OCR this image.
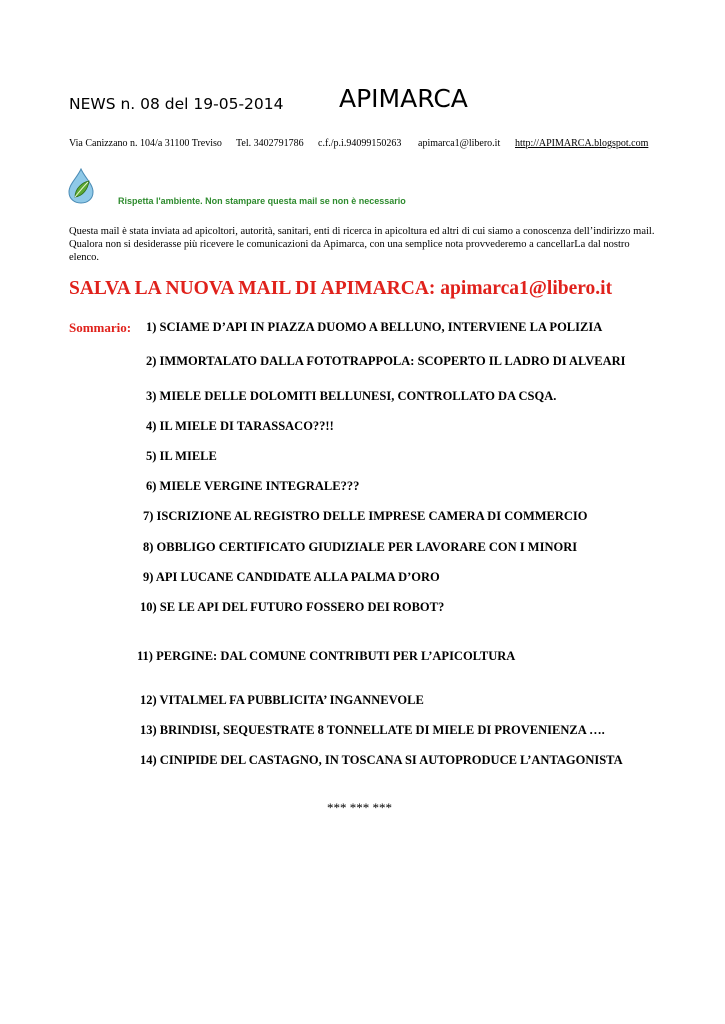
NEWS n. 08 del 19-05-2014 APIMARCA
Via Canizzano n. 104/a 31100 Treviso Tel. 3402791786 c.f./p.i.94099150263 apimarca1@libero.it http://APIMARCA.blogspot.com
Rispetta l'ambiente. Non stampare questa mail se non è necessario
Questa mail è stata inviata ad apicoltori, autorità, sanitari, enti di ricerca in apicoltura ed altri di cui siamo a conoscenza dell’indirizzo mail. Qualora non si desiderasse più ricevere le comunicazioni da Apimarca, con una semplice nota provvederemo a cancellarLa dal nostro elenco.
SALVA LA NUOVA MAIL DI APIMARCA: apimarca1@libero.it
Sommario: 1) SCIAME D’API IN PIAZZA DUOMO A BELLUNO, INTERVIENE LA POLIZIA
2) IMMORTALATO DALLA FOTOTRAPPOLA: SCOPERTO IL LADRO DI ALVEARI
3) MIELE DELLE DOLOMITI BELLUNESI, CONTROLLATO DA CSQA.
4) IL MIELE DI TARASSACO??!!
5) IL MIELE
6) MIELE VERGINE INTEGRALE???
7) ISCRIZIONE AL REGISTRO DELLE IMPRESE CAMERA DI COMMERCIO
8) OBBLIGO CERTIFICATO GIUDIZIALE PER LAVORARE CON I MINORI
9) API LUCANE CANDIDATE ALLA PALMA D’ORO
10) SE LE API DEL FUTURO FOSSERO DEI ROBOT?
11) PERGINE: DAL COMUNE CONTRIBUTI PER L’APICOLTURA
12) VITALMEL FA PUBBLICITA’ INGANNEVOLE
13) BRINDISI, SEQUESTRATE 8 TONNELLATE DI MIELE DI PROVENIENZA ….
14) CINIPIDE DEL CASTAGNO, IN TOSCANA SI AUTOPRODUCE L’ANTAGONISTA
*** *** ***
